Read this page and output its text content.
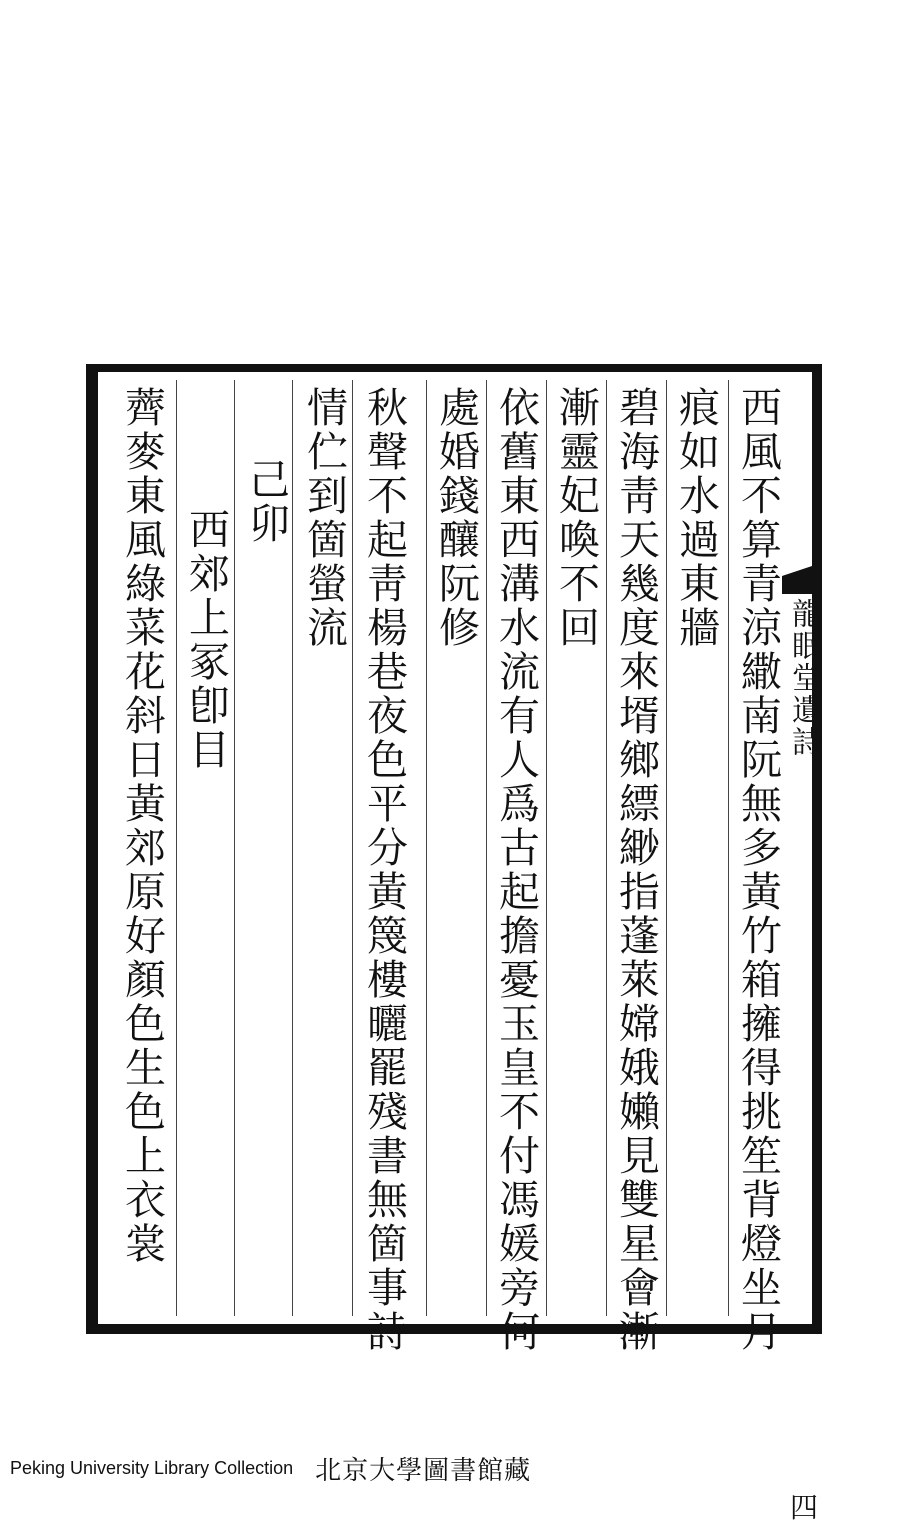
龍眠堂遺詩
四
西風不算青涼繖南阮無多黃竹箱擁得挑笙背燈坐月
痕如水過東牆
碧海靑天幾度來壻鄉縹緲指蓬萊嫦娥嬾見雙星會漸
漸靈妃喚不回
依舊東西溝水流有人爲古起擔憂玉皇不付馮媛旁何
處婚錢釀阮修
秋聲不起靑楊巷夜色平分黃篾樓曬罷殘書無箇事詩
情伫到箇螢流
己卯
西郊上冢卽目
薺麥東風綠菜花斜日黃郊原好顏色生色上衣裳
Peking University Library Collection 北京大學圖書館藏
